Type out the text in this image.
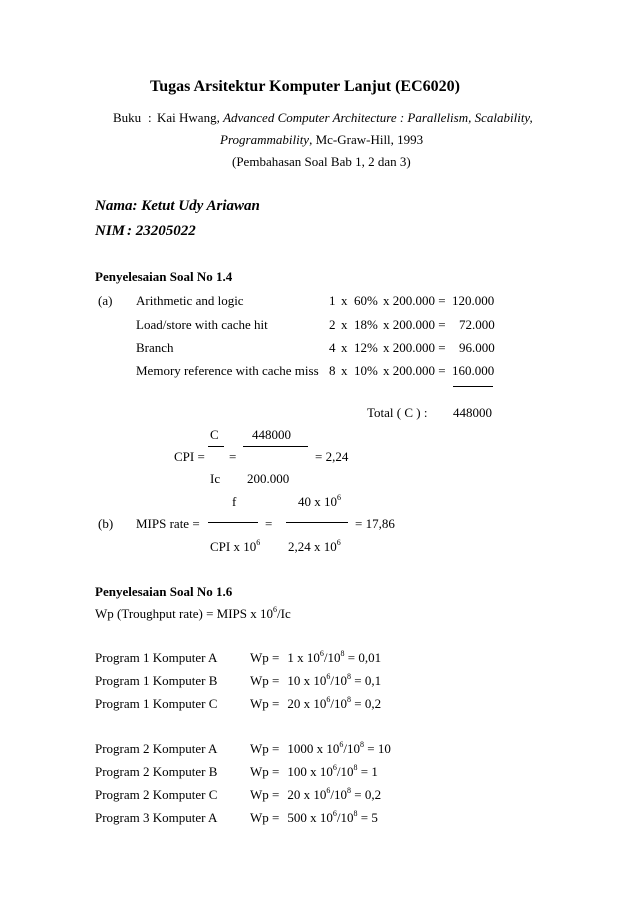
Tugas Arsitektur Komputer Lanjut (EC6020)
Buku : Kai Hwang, Advanced Computer Architecture : Parallelism, Scalability,
Programmability, Mc-Graw-Hill, 1993
(Pembahasan Soal Bab 1, 2 dan 3)
Nama: Ketut Udy Ariawan
NIM : 23205022
Penyelesaian Soal No 1.4
(a) Arithmetic and logic	1 x 60% x 200.000 = 120.000
Load/store with cache hit	2 x 18% x 200.000 = 72.000
Branch	4 x 12% x 200.000 = 96.000
Memory reference with cache miss 8 x 10% x 200.000 = 160.000
Total ( C ) : 448000
C	448000
CPI = =	= 2,24
Ic 200.000
f	40 x $10^6$
(b) MIPS rate =	=	= 17,86
CPI x $10^6$ 2,24 x $10^6$
Penyelesaian Soal No 1.6
Wp (Troughput rate) = MIPS x $10^6/Ic$
Program 1 Komputer A	Wp = 1 x $10^6/10^8 = 0,01$
Program 1 Komputer B	Wp = 10 x $10^6/10^8 = 0,1$
Program 1 Komputer C	Wp = 20 x $10^6/10^8 = 0,2$
Program 2 Komputer A	Wp = 1000 x $10^6/10^8 = 10$
Program 2 Komputer B	Wp = 100 x $10^6/10^8 = 1$
Program 2 Komputer C	Wp = 20 x $10^6/10^8 = 0,2$
Program 3 Komputer A	Wp = 500 x $10^6/10^8 = 5$
